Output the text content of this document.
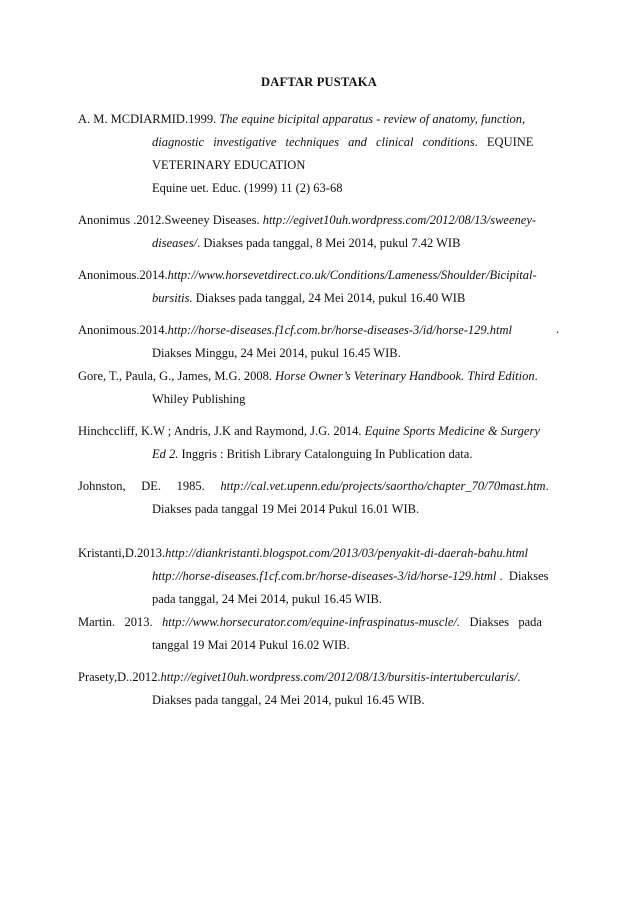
DAFTAR PUSTAKA
A. M. MCDIARMID.1999. The equine bicipital apparatus - review of anatomy, function,
diagnostic investigative techniques and clinical conditions. EQUINE
VETERINARY EDUCATION
Equine uet. Educ. (1999) 11 (2) 63-68
Anonimus .2012.Sweeney Diseases. http://egivet10uh.wordpress.com/2012/08/13/sweeney-
diseases/. Diakses pada tanggal, 8 Mei 2014, pukul 7.42 WIB
Anonimous.2014.http://www.horsevetdirect.co.uk/Conditions/Lameness/Shoulder/Bicipital-
bursitis. Diakses pada tanggal, 24 Mei 2014, pukul 16.40 WIB
Anonimous.2014.http://horse-diseases.f1cf.com.br/horse-diseases-3/id/horse-129.html	.
Diakses Minggu, 24 Mei 2014, pukul 16.45 WIB.
Gore, T., Paula, G., James, M.G. 2008. Horse Owner’s Veterinary Handbook. Third Edition.
Whiley Publishing
Hinchccliff, K.W ; Andris, J.K and Raymond, J.G. 2014. Equine Sports Medicine & Surgery
Ed 2. Inggris : British Library Catalonguing In Publication data.
Johnston,     DE.     1985.     http://cal.vet.upenn.edu/projects/saortho/chapter_70/70mast.htm.
Diakses pada tanggal 19 Mei 2014 Pukul 16.01 WIB.
Kristanti,D.2013.http://diankristanti.blogspot.com/2013/03/penyakit-di-daerah-bahu.html
http://horse-diseases.f1cf.com.br/horse-diseases-3/id/horse-129.html .  Diakses
pada tanggal, 24 Mei 2014, pukul 16.45 WIB.
Martin.   2013.   http://www.horsecurator.com/equine-infraspinatus-muscle/.   Diakses   pada
tanggal 19 Mai 2014 Pukul 16.02 WIB.
Prasety,D..2012.http://egivet10uh.wordpress.com/2012/08/13/bursitis-intertubercularis/.
Diakses pada tanggal, 24 Mei 2014, pukul 16.45 WIB.
